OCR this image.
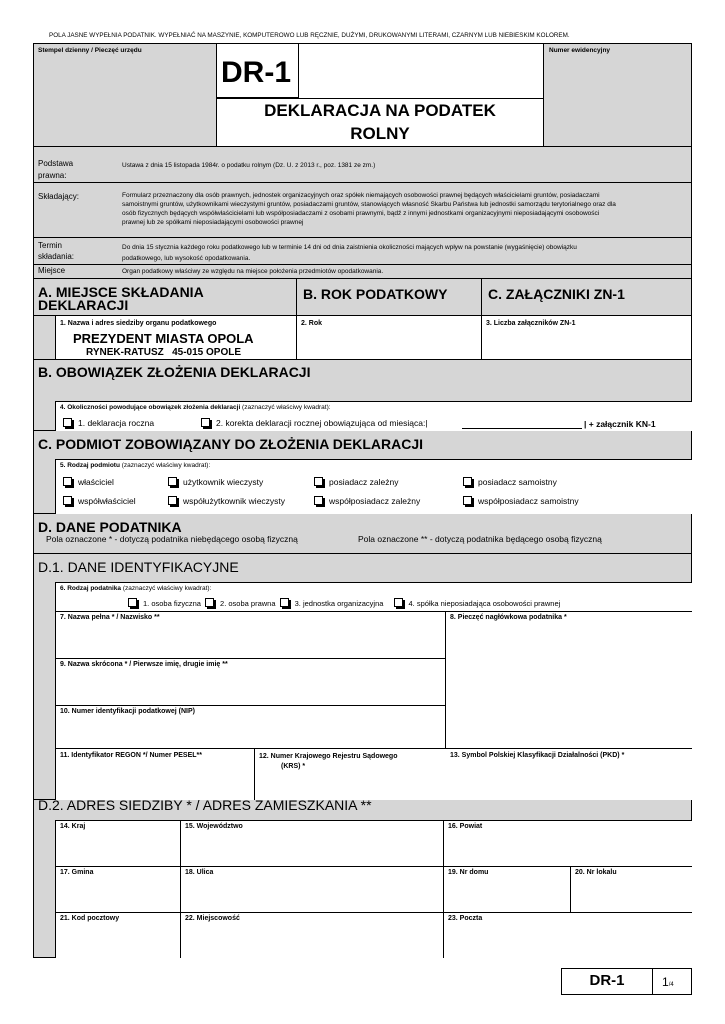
POLA JASNE WYPEŁNIA PODATNIK. WYPEŁNIAĆ NA MASZYNIE, KOMPUTEROWO LUB RĘCZNIE, DUŻYMI, DRUKOWANYMI LITERAMI, CZARNYM LUB NIEBIESKIM KOLOREM.
Stempel dzienny / Pieczęć urzędu
DR-1
Numer ewidencyjny
DEKLARACJA NA PODATEK
ROLNY
Podstawa
prawna:
Ustawa z dnia 15 listopada 1984r. o podatku rolnym (Dz. U. z 2013 r., poz. 1381 ze zm.)
Składający:	Formularz przeznaczony dla osób prawnych, jednostek organizacyjnych oraz spółek niemających osobowości prawnej będących właścicielami gruntów, posiadaczami
samoistnymi gruntów, użytkownikami wieczystymi gruntów, posiadaczami gruntów, stanowiących własność Skarbu Państwa lub jednostki samorządu terytorialnego oraz dla
osób fizycznych będących współwłaścicielami lub współposiadaczami z osobami prawnymi, bądź z innymi jednostkami organizacyjnymi nieposiadającymi osobowości
prawnej lub ze spółkami nieposiadającymi osobowości prawnej
Termin
składania:
Do dnia 15 stycznia każdego roku podatkowego lub w terminie 14 dni od dnia zaistnienia okoliczności mających wpływ na powstanie (wygaśnięcie) obowiązku
podatkowego, lub wysokość opodatkowania.
Miejsce	Organ podatkowy właściwy ze względu na miejsce położenia przedmiotów opodatkowania.
A. MIEJSCE SKŁADANIA
DEKLARACJI
B. ROK PODATKOWY	C. ZAŁĄCZNIKI ZN-1
1. Nazwa i adres siedziby organu podatkowego
PREZYDENT MIASTA OPOLA
RYNEK-RATUSZ   45-015 OPOLE
2. Rok	3. Liczba załączników ZN-1
B. OBOWIĄZEK ZŁOŻENIA DEKLARACJI
4. Okoliczności powodujące obowiązek złożenia deklaracji (zaznaczyć właściwy kwadrat):
1. deklaracja roczna	2. korekta deklaracji rocznej obowiązująca od miesiąca:|	| + załącznik KN-1
C. PODMIOT ZOBOWIĄZANY DO ZŁOŻENIA DEKLARACJI
5. Rodzaj podmiotu (zaznaczyć właściwy kwadrat):
właściciel	użytkownik wieczysty	posiadacz zależny	posiadacz samoistny
współwłaściciel	współużytkownik wieczysty	współposiadacz zależny	współposiadacz samoistny
D. DANE PODATNIKA
Pola oznaczone * - dotyczą podatnika niebędącego osobą fizyczną	Pola oznaczone ** - dotyczą podatnika będącego osobą fizyczną
D.1. DANE IDENTYFIKACYJNE
6. Rodzaj podatnika (zaznaczyć właściwy kwadrat):
1. osoba fizyczna	2. osoba prawna	3. jednostka organizacyjna	4. spółka nieposiadająca osobowości prawnej
7. Nazwa pełna * / Nazwisko **	8. Pieczęć nagłówkowa podatnika *
9. Nazwa skrócona * / Pierwsze imię, drugie imię **
10. Numer identyfikacji podatkowej (NIP)
11. Identyfikator REGON */ Numer PESEL**	12. Numer Krajowego Rejestru Sądowego
(KRS) *
13. Symbol Polskiej Klasyfikacji Działalności (PKD) *
D.2. ADRES SIEDZIBY * / ADRES ZAMIESZKANIA **
14. Kraj	15. Województwo	16. Powiat
17. Gmina	18. Ulica	19. Nr domu	20. Nr lokalu
21. Kod pocztowy	22. Miejscowość	23. Poczta
DR-1	1/4
